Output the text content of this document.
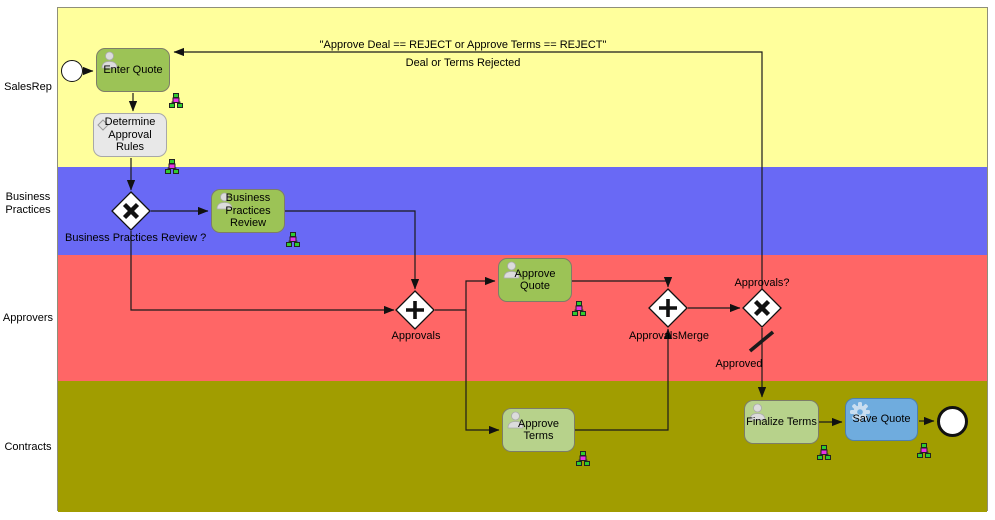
SalesRep
Business Practices
Approvers
Contracts
Enter Quote
Determine Approval Rules
Business Practices Review
Approve Quote
Approve Terms
Finalize Terms	Save Quote
"Approve Deal == REJECT or Approve Terms == REJECT"
Deal or Terms Rejected
Business Practices Review ?
Approvals	ApprovalsMerge
Approvals?
Approved
